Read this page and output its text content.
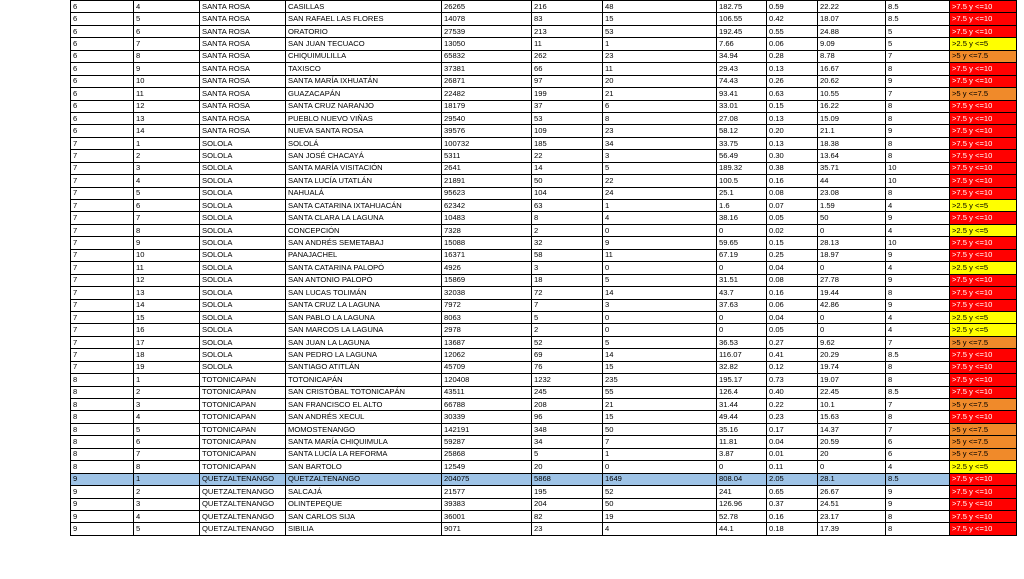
6	4	SANTA ROSA	CASILLAS	26265	216	48	182.75	0.59	22.22	8.5	>7.5 y <=10
6	5	SANTA ROSA	SAN RAFAEL LAS FLORES	14078	83	15	106.55	0.42	18.07	8.5	>7.5 y <=10
6	6	SANTA ROSA	ORATORIO	27539	213	53	192.45	0.55	24.88	5	>7.5 y <=10
6	7	SANTA ROSA	SAN JUAN TECUACO	13050	11	1	7.66	0.06	9.09	5	>2.5 y <=5
6	8	SANTA ROSA	CHIQUIMULILLA	65832	262	23	34.94	0.28	8.78	7	>5 y <=7.5
6	9	SANTA ROSA	TAXISCO	37381	66	11	29.43	0.13	16.67	8	>7.5 y <=10
6	10	SANTA ROSA	SANTA MARÍA IXHUATÁN	26871	97	20	74.43	0.26	20.62	9	>7.5 y <=10
6	11	SANTA ROSA	GUAZACAPÁN	22482	199	21	93.41	0.63	10.55	7	>5 y <=7.5
6	12	SANTA ROSA	SANTA CRUZ NARANJO	18179	37	6	33.01	0.15	16.22	8	>7.5 y <=10
6	13	SANTA ROSA	PUEBLO NUEVO VIÑAS	29540	53	8	27.08	0.13	15.09	8	>7.5 y <=10
6	14	SANTA ROSA	NUEVA SANTA ROSA	39576	109	23	58.12	0.20	21.1	9	>7.5 y <=10
7	1	SOLOLA	SOLOLÁ	100732	185	34	33.75	0.13	18.38	8	>7.5 y <=10
7	2	SOLOLA	SAN JOSÉ CHACAYÁ	5311	22	3	56.49	0.30	13.64	8	>7.5 y <=10
7	3	SOLOLA	SANTA MARÍA VISITACIÓN	2641	14	5	189.32	0.38	35.71	10	>7.5 y <=10
7	4	SOLOLA	SANTA LUCÍA UTATLÁN	21891	50	22	100.5	0.16	44	10	>7.5 y <=10
7	5	SOLOLA	NAHUALÁ	95623	104	24	25.1	0.08	23.08	8	>7.5 y <=10
7	6	SOLOLA	SANTA CATARINA IXTAHUACÁN	62342	63	1	1.6	0.07	1.59	4	>2.5 y <=5
7	7	SOLOLA	SANTA CLARA LA LAGUNA	10483	8	4	38.16	0.05	50	9	>7.5 y <=10
7	8	SOLOLA	CONCEPCIÓN	7328	2	0	0	0.02	0	4	>2.5 y <=5
7	9	SOLOLA	SAN ANDRÉS SEMETABAJ	15088	32	9	59.65	0.15	28.13	10	>7.5 y <=10
7	10	SOLOLA	PANAJACHEL	16371	58	11	67.19	0.25	18.97	9	>7.5 y <=10
7	11	SOLOLA	SANTA CATARINA PALOPÓ	4926	3	0	0	0.04	0	4	>2.5 y <=5
7	12	SOLOLA	SAN ANTONIO PALOPÓ	15869	18	5	31.51	0.08	27.78	9	>7.5 y <=10
7	13	SOLOLA	SAN LUCAS TOLIMÁN	32038	72	14	43.7	0.16	19.44	8	>7.5 y <=10
7	14	SOLOLA	SANTA CRUZ LA LAGUNA	7972	7	3	37.63	0.06	42.86	9	>7.5 y <=10
7	15	SOLOLA	SAN PABLO LA LAGUNA	8063	5	0	0	0.04	0	4	>2.5 y <=5
7	16	SOLOLA	SAN MARCOS LA LAGUNA	2978	2	0	0	0.05	0	4	>2.5 y <=5
7	17	SOLOLA	SAN JUAN LA LAGUNA	13687	52	5	36.53	0.27	9.62	7	>5 y <=7.5
7	18	SOLOLA	SAN PEDRO LA LAGUNA	12062	69	14	116.07	0.41	20.29	8.5	>7.5 y <=10
7	19	SOLOLA	SANTIAGO ATITLÁN	45709	76	15	32.82	0.12	19.74	8	>7.5 y <=10
8	1	TOTONICAPAN	TOTONICAPÁN	120408	1232	235	195.17	0.73	19.07	8	>7.5 y <=10
8	2	TOTONICAPAN	SAN CRISTÓBAL TOTONICAPÁN	43511	245	55	126.4	0.40	22.45	8.5	>7.5 y <=10
8	3	TOTONICAPAN	SAN FRANCISCO EL ALTO	66788	208	21	31.44	0.22	10.1	7	>5 y <=7.5
8	4	TOTONICAPAN	SAN ANDRÉS XECUL	30339	96	15	49.44	0.23	15.63	8	>7.5 y <=10
8	5	TOTONICAPAN	MOMOSTENANGO	142191	348	50	35.16	0.17	14.37	7	>5 y <=7.5
8	6	TOTONICAPAN	SANTA MARÍA CHIQUIMULA	59287	34	7	11.81	0.04	20.59	6	>5 y <=7.5
8	7	TOTONICAPAN	SANTA LUCÍA LA REFORMA	25868	5	1	3.87	0.01	20	6	>5 y <=7.5
8	8	TOTONICAPAN	SAN BARTOLO	12549	20	0	0	0.11	0	4	>2.5 y <=5
9	1	QUETZALTENANGO	QUETZALTENANGO	204075	5868	1649	808.04	2.05	28.1	8.5	>7.5 y <=10
9	2	QUETZALTENANGO	SALCAJÁ	21577	195	52	241	0.65	26.67	9	>7.5 y <=10
9	3	QUETZALTENANGO	OLINTEPEQUE	39383	204	50	126.96	0.37	24.51	9	>7.5 y <=10
9	4	QUETZALTENANGO	SAN CARLOS SIJA	36001	82	19	52.78	0.16	23.17	8	>7.5 y <=10
9	5	QUETZALTENANGO	SIBILIA	9071	23	4	44.1	0.18	17.39	8	>7.5 y <=10
